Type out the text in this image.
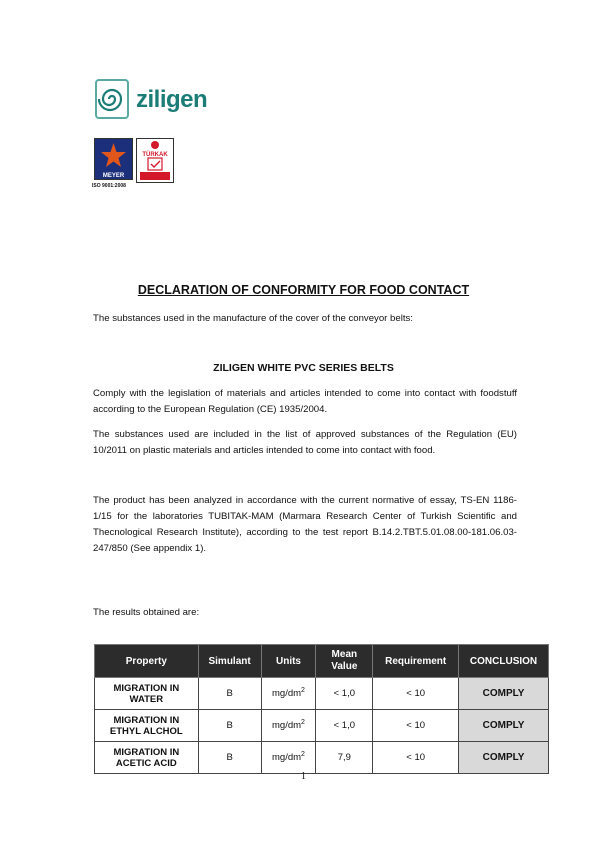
ziligen
MEYER
TÜRKAK
ISO 9001:2008
DECLARATION OF CONFORMITY FOR FOOD CONTACT
The substances used in the manufacture of the cover of the conveyor belts:
ZILIGEN WHITE PVC SERIES BELTS
Comply with the legislation of materials and articles intended to come into contact with foodstuff according to the European Regulation (CE) 1935/2004.
The substances used are included in the list of approved substances of the Regulation (EU) 10/2011 on plastic materials and articles intended to come into contact with food.
The product has been analyzed in accordance with the current normative of essay, TS-EN 1186-1/15 for the laboratories TUBITAK-MAM (Marmara Research Center of Turkish Scientific and Thecnological Research Institute), according to the test report B.14.2.TBT.5.01.08.00-181.06.03-247/850 (See appendix 1).
The results obtained are:
Property	Simulant	Units	Mean Value	Requirement	CONCLUSION
MIGRATION IN WATER	B	$mg/dm^2$	< 1,0	< 10	COMPLY
MIGRATION IN ETHYL ALCHOL	B	$mg/dm^2$	< 1,0	< 10	COMPLY
MIGRATION IN ACETIC ACID	B	$mg/dm^2$	7,9	< 10	COMPLY
1
